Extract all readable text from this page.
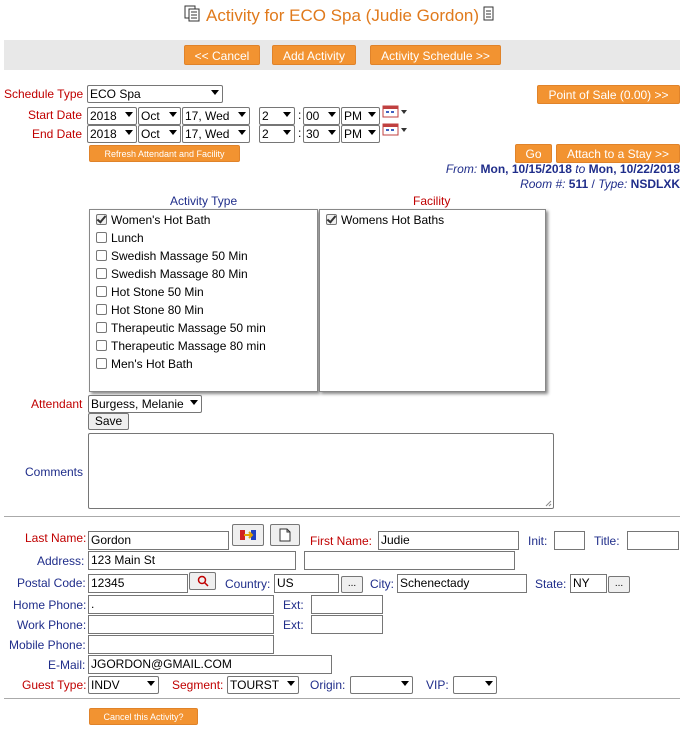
Activity for ECO Spa (Judie Gordon)
<< Cancel	Add Activity	Activity Schedule >>
Schedule Type ECO Spa	Point of Sale (0.00) >>
Start Date 2018	Oct	17, Wed	2	: 00	PM
End Date 2018	Oct	17, Wed	2	: 30	PM
Refresh Attendant and Facility	Go	Attach to a Stay >>
From: Mon, 10/15/2018 to Mon, 10/22/2018
Room #: 511 / Type: NSDLXK
Activity Type	Facility
Women's Hot Bath
Lunch
Swedish Massage 50 Min
Swedish Massage 80 Min
Hot Stone 50 Min
Hot Stone 80 Min
Therapeutic Massage 50 min
Therapeutic Massage 80 min
Men's Hot Bath
Womens Hot Baths
Attendant Burgess, Melanie
Save
Comments
Last Name: Gordon	First Name: Judie	Init:	Title:
Address: 123 Main St
Postal Code: 12345	Country: US	...	City: Schenectady	State: NY	...
Home Phone: .	Ext:
Work Phone:	Ext:
Mobile Phone:
E-Mail: JGORDON@GMAIL.COM
Guest Type: INDV	Segment: TOURST	Origin:	VIP:
Cancel this Activity?
